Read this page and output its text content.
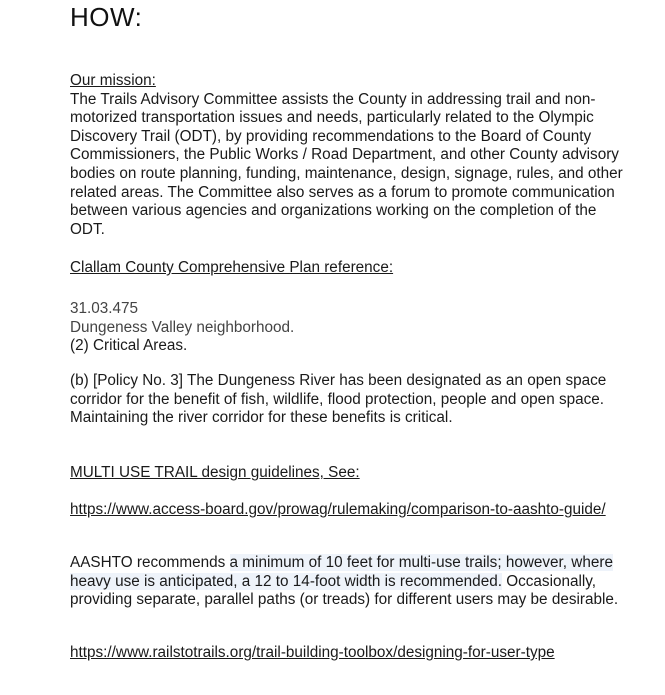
HOW:

Our mission:

The Trails Advisory Committee assists the County in addressing trail and non-motorized transportation issues and needs, particularly related to the Olympic Discovery Trail (ODT), by providing recommendations to the Board of County Commissioners, the Public Works / Road Department, and other County advisory bodies on route planning, funding, maintenance, design, signage, rules, and other related areas. The Committee also serves as a forum to promote communication between various agencies and organizations working on the completion of the ODT.

Clallam County Comprehensive Plan reference:

31.03.475

Dungeness Valley neighborhood.

(2) Critical Areas.

(b) [Policy No. 3] The Dungeness River has been designated as an open space corridor for the benefit of fish, wildlife, flood protection, people and open space. Maintaining the river corridor for these benefits is critical.

MULTI USE TRAIL design guidelines, See:

https://www.access-board.gov/prowag/rulemaking/comparison-to-aashto-guide/

AASHTO recommends a minimum of 10 feet for multi-use trails; however, where heavy use is anticipated, a 12 to 14-foot width is recommended. Occasionally, providing separate, parallel paths (or treads) for different users may be desirable.

https://www.railstotrails.org/trail-building-toolbox/designing-for-user-type
